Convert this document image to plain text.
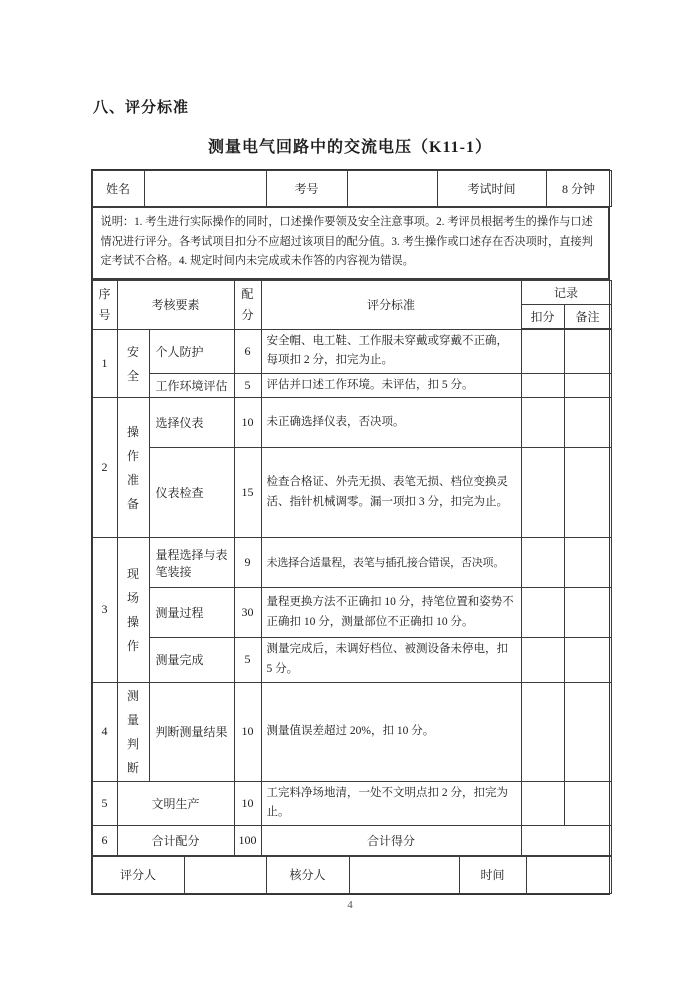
八、评分标准
测量电气回路中的交流电压（K11-1）
姓名		考号		考试时间	8 分钟
说明：1. 考生进行实际操作的同时，口述操作要领及安全注意事项。2. 考评员根据考生的操作与口述情况进行评分。各考试项目扣分不应超过该项目的配分值。3. 考生操作或口述存在否决项时，直接判定考试不合格。4. 规定时间内未完成或未作答的内容视为错误。
序号	考核要素		配分	评分标准	记录	
					扣分	备注
1	安全	个人防护	6	安全帽、电工鞋、工作服未穿戴或穿戴不正确，每项扣 2 分，扣完为止。		
		工作环境评估	5	评估并口述工作环境。未评估，扣 5 分。		
2	操作准备	选择仪表	10	未正确选择仪表，否决项。		
		仪表检查	15	检查合格证、外壳无损、表笔无损、档位变换灵活、指针机械调零。漏一项扣 3 分，扣完为止。		
3	现场操作	量程选择与表笔装接	9	未选择合适量程，表笔与插孔接合错误，否决项。		
		测量过程	30	量程更换方法不正确扣 10 分，持笔位置和姿势不正确扣 10 分，测量部位不正确扣 10 分。		
		测量完成	5	测量完成后，未调好档位、被测设备未停电，扣 5 分。		
4	测量判断	判断测量结果	10	测量值误差超过 20%，扣 10 分。		
5	文明生产		10	工完料净场地清，一处不文明点扣 2 分，扣完为止。		
6	合计配分		100	合计得分		
评分人		核分人		时间	
4
